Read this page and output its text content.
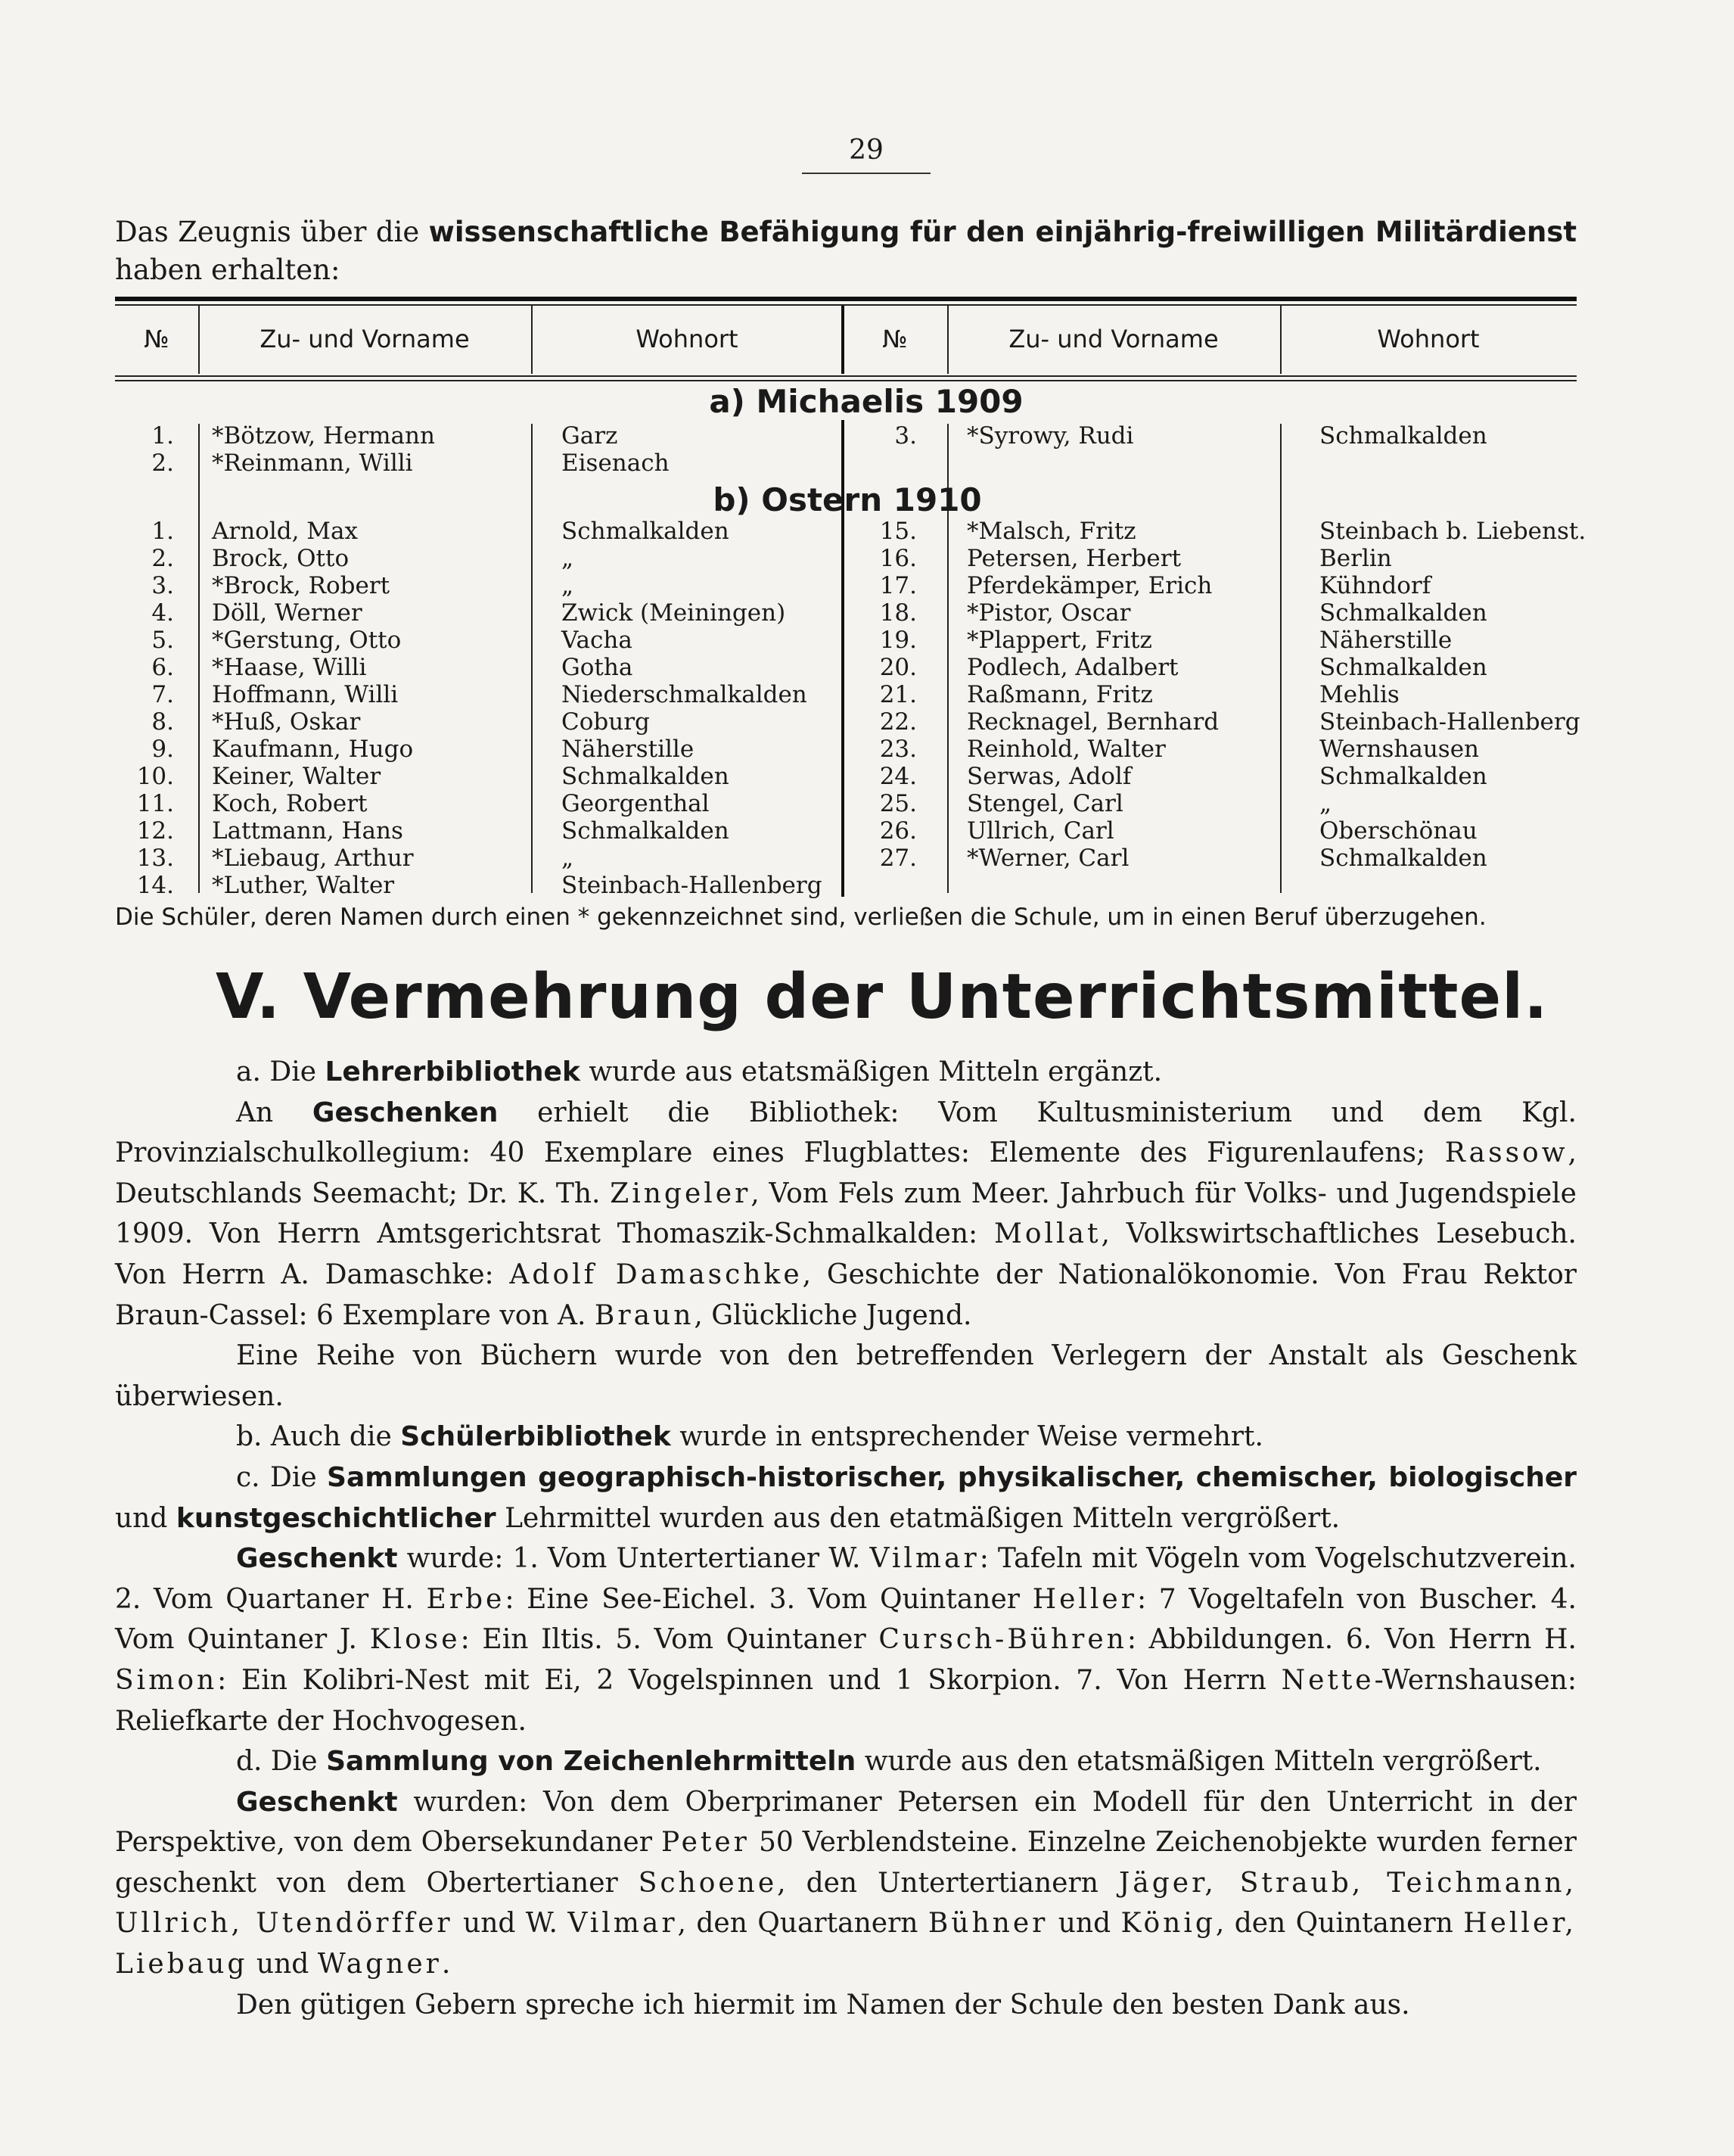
29
Das Zeugnis über die wissenschaftliche Befähigung für den einjährig-freiwilligen Militärdienst haben erhalten:
№	Zu- und Vorname	Wohnort	№	Zu- und Vorname	Wohnort
a) Michaelis 1909
1. *Bötzow, Hermann	Garz	3. *Syrowy, Rudi	Schmalkalden
2. *Reinmann, Willi	Eisenach
b) Ostern 1910
1. Arnold, Max	Schmalkalden	15. *Malsch, Fritz	Steinbach b. Liebenst.
2. Brock, Otto	„	16. Petersen, Herbert	Berlin
3. *Brock, Robert	„	17. Pferdekämper, Erich	Kühndorf
4. Döll, Werner	Zwick (Meiningen)	18. *Pistor, Oscar	Schmalkalden
5. *Gerstung, Otto	Vacha	19. *Plappert, Fritz	Näherstille
6. *Haase, Willi	Gotha	20. Podlech, Adalbert	Schmalkalden
7. Hoffmann, Willi	Niederschmalkalden	21. Raßmann, Fritz	Mehlis
8. *Huß, Oskar	Coburg	22. Recknagel, Bernhard	Steinbach-Hallenberg
9. Kaufmann, Hugo	Näherstille	23. Reinhold, Walter	Wernshausen
10. Keiner, Walter	Schmalkalden	24. Serwas, Adolf	Schmalkalden
11. Koch, Robert	Georgenthal	25. Stengel, Carl	„
12. Lattmann, Hans	Schmalkalden	26. Ullrich, Carl	Oberschönau
13. *Liebaug, Arthur	„	27. *Werner, Carl	Schmalkalden
14. *Luther, Walter	Steinbach-Hallenberg
Die Schüler, deren Namen durch einen * gekennzeichnet sind, verließen die Schule, um in einen Beruf überzugehen.
V. Vermehrung der Unterrichtsmittel.

a. Die Lehrerbibliothek wurde aus etatsmäßigen Mitteln ergänzt.

An Geschenken erhielt die Bibliothek: Vom Kultusministerium und dem Kgl. Provinzialschulkollegium: 40 Exemplare eines Flugblattes: Elemente des Figurenlaufens; Rassow, Deutschlands Seemacht; Dr. K. Th. Zingeler, Vom Fels zum Meer. Jahrbuch für Volks- und Jugendspiele 1909. Von Herrn Amtsgerichtsrat Thomaszik-Schmalkalden: Mollat, Volkswirtschaftliches Lesebuch. Von Herrn A. Damaschke: Adolf Damaschke, Geschichte der Nationalökonomie. Von Frau Rektor Braun-Cassel: 6 Exemplare von A. Braun, Glückliche Jugend.

Eine Reihe von Büchern wurde von den betreffenden Verlegern der Anstalt als Geschenk überwiesen.

b. Auch die Schülerbibliothek wurde in entsprechender Weise vermehrt.

c. Die Sammlungen geographisch-historischer, physikalischer, chemischer, biologischer und kunstgeschichtlicher Lehrmittel wurden aus den etatmäßigen Mitteln vergrößert.

Geschenkt wurde: 1. Vom Untertertianer W. Vilmar: Tafeln mit Vögeln vom Vogelschutzverein. 2. Vom Quartaner H. Erbe: Eine See-Eichel. 3. Vom Quintaner Heller: 7 Vogeltafeln von Buscher. 4. Vom Quintaner J. Klose: Ein Iltis. 5. Vom Quintaner Cursch-Bühren: Abbildungen. 6. Von Herrn H. Simon: Ein Kolibri-Nest mit Ei, 2 Vogelspinnen und 1 Skorpion. 7. Von Herrn Nette-Wernshausen: Reliefkarte der Hochvogesen.

d. Die Sammlung von Zeichenlehrmitteln wurde aus den etatsmäßigen Mitteln vergrößert.

Geschenkt wurden: Von dem Oberprimaner Petersen ein Modell für den Unterricht in der Perspektive, von dem Obersekundaner Peter 50 Verblendsteine. Einzelne Zeichenobjekte wurden ferner geschenkt von dem Obertertianer Schoene, den Untertertianern Jäger, Straub, Teichmann, Ullrich, Utendörffer und W. Vilmar, den Quartanern Bühner und König, den Quintanern Heller, Liebaug und Wagner.

Den gütigen Gebern spreche ich hiermit im Namen der Schule den besten Dank aus.
